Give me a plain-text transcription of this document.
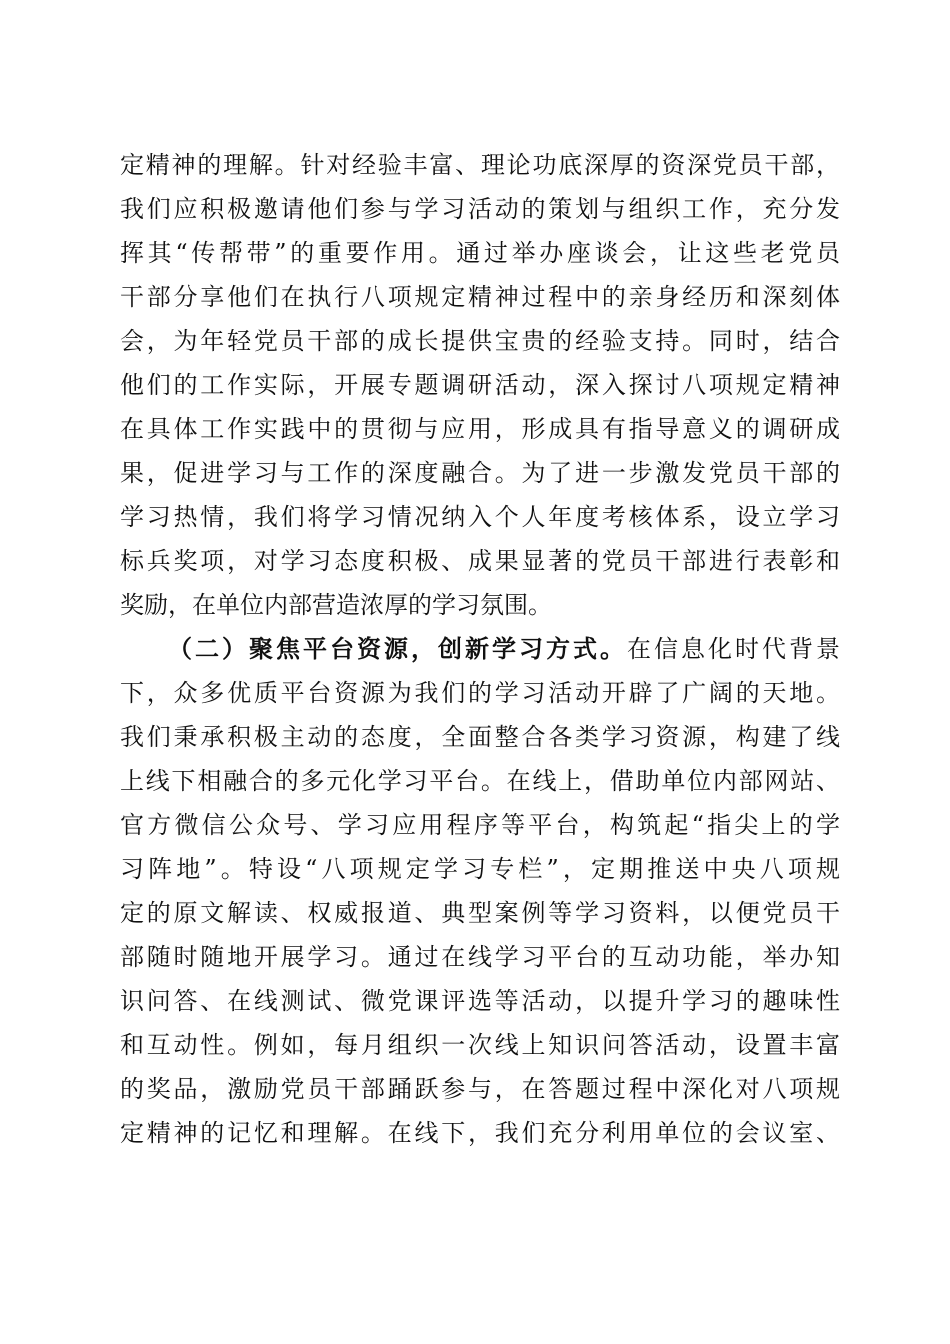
定精神的理解。针对经验丰富、理论功底深厚的资深党员干部，
我们应积极邀请他们参与学习活动的策划与组织工作，充分发
挥其“传帮带”的重要作用。通过举办座谈会，让这些老党员
干部分享他们在执行八项规定精神过程中的亲身经历和深刻体
会，为年轻党员干部的成长提供宝贵的经验支持。同时，结合
他们的工作实际，开展专题调研活动，深入探讨八项规定精神
在具体工作实践中的贯彻与应用，形成具有指导意义的调研成
果，促进学习与工作的深度融合。为了进一步激发党员干部的
学习热情，我们将学习情况纳入个人年度考核体系，设立学习
标兵奖项，对学习态度积极、成果显著的党员干部进行表彰和
奖励，在单位内部营造浓厚的学习氛围。
（二）聚焦平台资源，创新学习方式。在信息化时代背景
下，众多优质平台资源为我们的学习活动开辟了广阔的天地。
我们秉承积极主动的态度，全面整合各类学习资源，构建了线
上线下相融合的多元化学习平台。在线上，借助单位内部网站、
官方微信公众号、学习应用程序等平台，构筑起“指尖上的学
习阵地”。特设“八项规定学习专栏”，定期推送中央八项规
定的原文解读、权威报道、典型案例等学习资料，以便党员干
部随时随地开展学习。通过在线学习平台的互动功能，举办知
识问答、在线测试、微党课评选等活动，以提升学习的趣味性
和互动性。例如，每月组织一次线上知识问答活动，设置丰富
的奖品，激励党员干部踊跃参与，在答题过程中深化对八项规
定精神的记忆和理解。在线下，我们充分利用单位的会议室、
